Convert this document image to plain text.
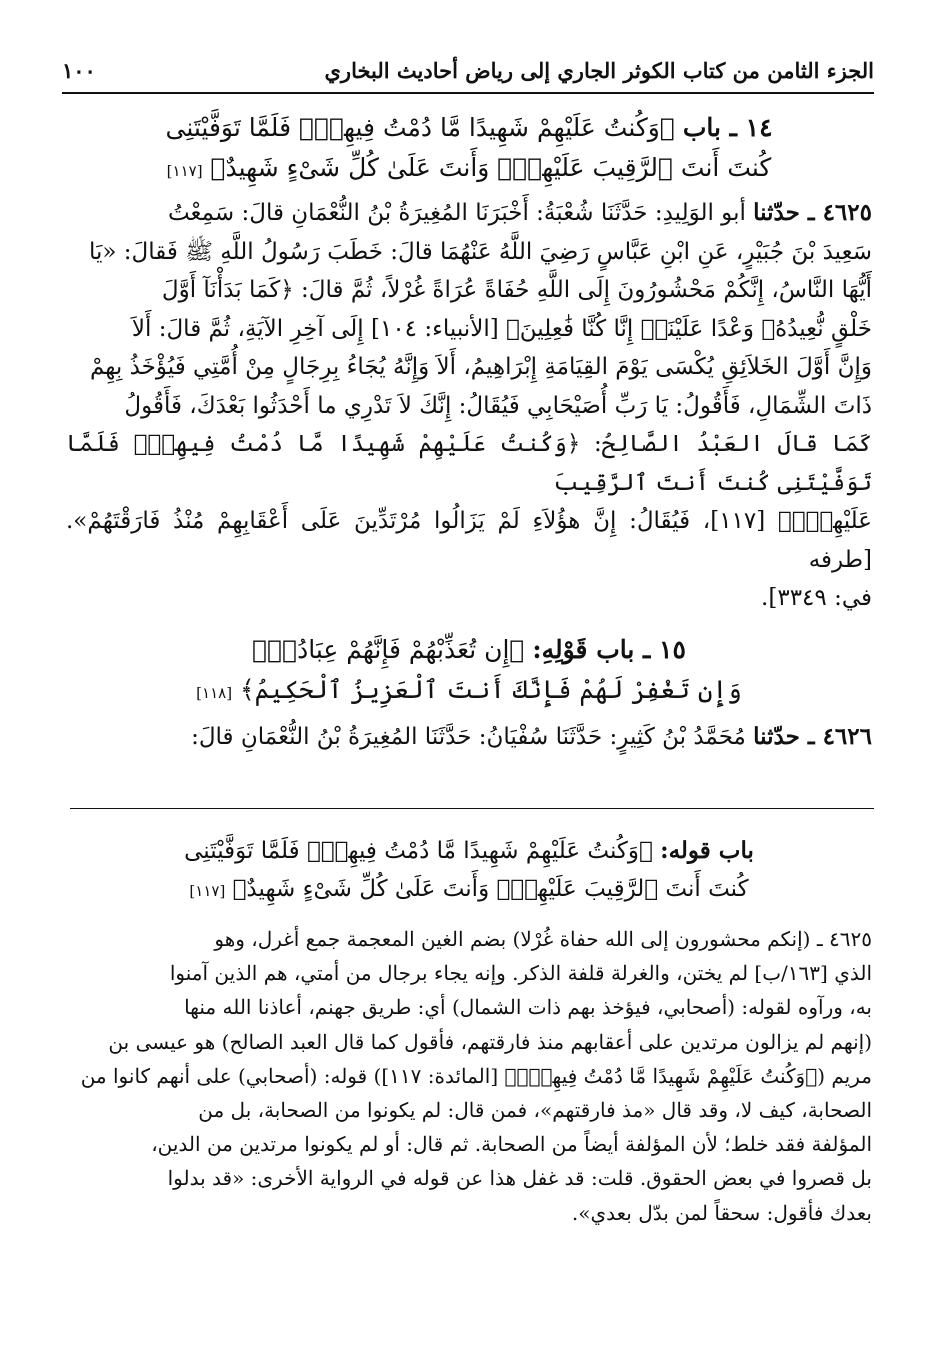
١٠٠	الجزء الثامن من كتاب الكوثر الجاري إلى رياض أحاديث البخاري
١٤ ـ باب ﴿وَكُنتُ عَلَيْهِمْ شَهِيدًا مَّا دُمْتُ فِيهِمْۖ فَلَمَّا تَوَفَّيْتَنِى
كُنتَ أَنتَ ٱلرَّقِيبَ عَلَيْهِمْۚ وَأَنتَ عَلَىٰ كُلِّ شَىْءٍ شَهِيدٌ﴾ [١١٧]
٤٦٢٥ ـ حدّثنا أبو الوَلِيدِ: حَدَّثَنَا شُعْبَةُ: أَخْبَرَنَا المُغِيرَةُ بْنُ النُّعْمَانِ قالَ: سَمِعْتُ
سَعِيدَ بْنَ جُبَيْرٍ، عَنِ ابْنِ عَبَّاسٍ رَضِيَ اللَّهُ عَنْهُمَا قالَ: خَطَبَ رَسُولُ اللَّهِ ﷺ فَقالَ: «يَا
أَيُّهَا النَّاسُ، إِنَّكُمْ مَحْشُورُونَ إِلَى اللَّهِ حُفَاةً عُرَاةً غُرْلاً، ثُمَّ قالَ: ﴿كَمَا بَدَأْنَآ أَوَّلَ
خَلْقٍ نُّعِيدُهُۥ وَعْدًا عَلَيْنَآۚ إِنَّا كُنَّا فَٰعِلِينَ﴾ [الأنبياء: ١٠٤] إِلَى آخِرِ الآيَةِ، ثُمَّ قالَ: أَلاَ
وَإِنَّ أَوَّلَ الخَلاَئِقِ يُكْسَى يَوْمَ القِيَامَةِ إِبْرَاهِيمُ، أَلاَ وَإِنَّهُ يُجَاءُ بِرِجَالٍ مِنْ أُمَّتِي فَيُؤْخَذُ بِهِمْ
ذَاتَ الشِّمَالِ، فَأَقُولُ: يَا رَبِّ أُصَيْحَابِي فَيُقَالُ: إِنَّكَ لاَ تَدْرِي ما أَحْدَثُوا بَعْدَكَ، فَأَقُولُ
كَمَا قالَ العَبْدُ الصَّالِحُ: ﴿وَكُنتُ عَلَيْهِمْ شَهِيدًا مَّا دُمْتُ فِيهِمْۖ فَلَمَّا تَوَفَّيْتَنِى كُنتَ أَنتَ ٱلرَّقِيبَ
عَلَيْهِمْۚ﴾ [١١٧]، فَيُقَالُ: إِنَّ هؤُلاَءِ لَمْ يَزَالُوا مُرْتَدِّينَ عَلَى أَعْقَابِهِمْ مُنْذُ فَارَقْتَهُمْ». [طرفه
في: ٣٣٤٩].
١٥ ـ باب قَوْلِهِ: ﴿إِن تُعَذِّبْهُمْ فَإِنَّهُمْ عِبَادُكَۖ
وَإِن تَغْفِرْ لَهُمْ فَإِنَّكَ أَنتَ ٱلْعَزِيزُ ٱلْحَكِيمُ﴾ [١١٨]
٤٦٢٦ ـ حدّثنا مُحَمَّدُ بْنُ كَثِيرٍ: حَدَّثَنَا سُفْيَانُ: حَدَّثَنَا المُغِيرَةُ بْنُ النُّعْمَانِ قالَ:
باب قوله: ﴿وَكُنتُ عَلَيْهِمْ شَهِيدًا مَّا دُمْتُ فِيهِمْۖ فَلَمَّا تَوَفَّيْتَنِى
كُنتَ أَنتَ ٱلرَّقِيبَ عَلَيْهِمْۚ وَأَنتَ عَلَىٰ كُلِّ شَىْءٍ شَهِيدٌ﴾ [١١٧]
٤٦٢٥ ـ (إنكم محشورون إلى الله حفاة غُرْلا) بضم الغين المعجمة جمع أغرل، وهو
الذي [١٦٣/ب] لم يختن، والغرلة قلفة الذكر. وإنه يجاء برجال من أمتي، هم الذين آمنوا
به، ورآوه لقوله: (أصحابي، فيؤخذ بهم ذات الشمال) أي: طريق جهنم، أعاذنا الله منها
(إنهم لم يزالون مرتدين على أعقابهم منذ فارقتهم، فأقول كما قال العبد الصالح) هو عيسى بن
مريم (﴿وَكُنتُ عَلَيْهِمْ شَهِيدًا مَّا دُمْتُ فِيهِمْۖ﴾ [المائدة: ١١٧]) قوله: (أصحابي) على أنهم كانوا من
الصحابة، كيف لا، وقد قال «مذ فارقتهم»، فمن قال: لم يكونوا من الصحابة، بل من
المؤلفة فقد خلط؛ لأن المؤلفة أيضاً من الصحابة. ثم قال: أو لم يكونوا مرتدين من الدين،
بل قصروا في بعض الحقوق. قلت: قد غفل هذا عن قوله في الرواية الأخرى: «قد بدلوا
بعدك فأقول: سحقاً لمن بدّل بعدي».
